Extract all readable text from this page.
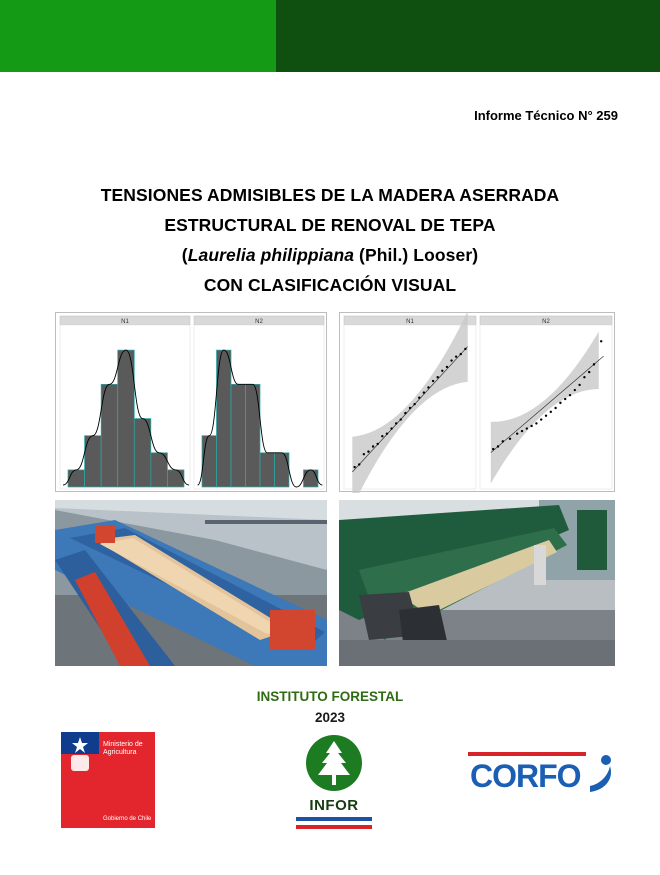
Informe Técnico N° 259
TENSIONES ADMISIBLES DE LA MADERA ASERRADA
ESTRUCTURAL DE RENOVAL DE TEPA
(Laurelia philippiana (Phil.) Looser)
CON CLASIFICACIÓN VISUAL
N1	N2	N1	N2
INSTITUTO FORESTAL
2023
Ministerio de
Agricultura
Gobierno de Chile
INFOR
CORFO
